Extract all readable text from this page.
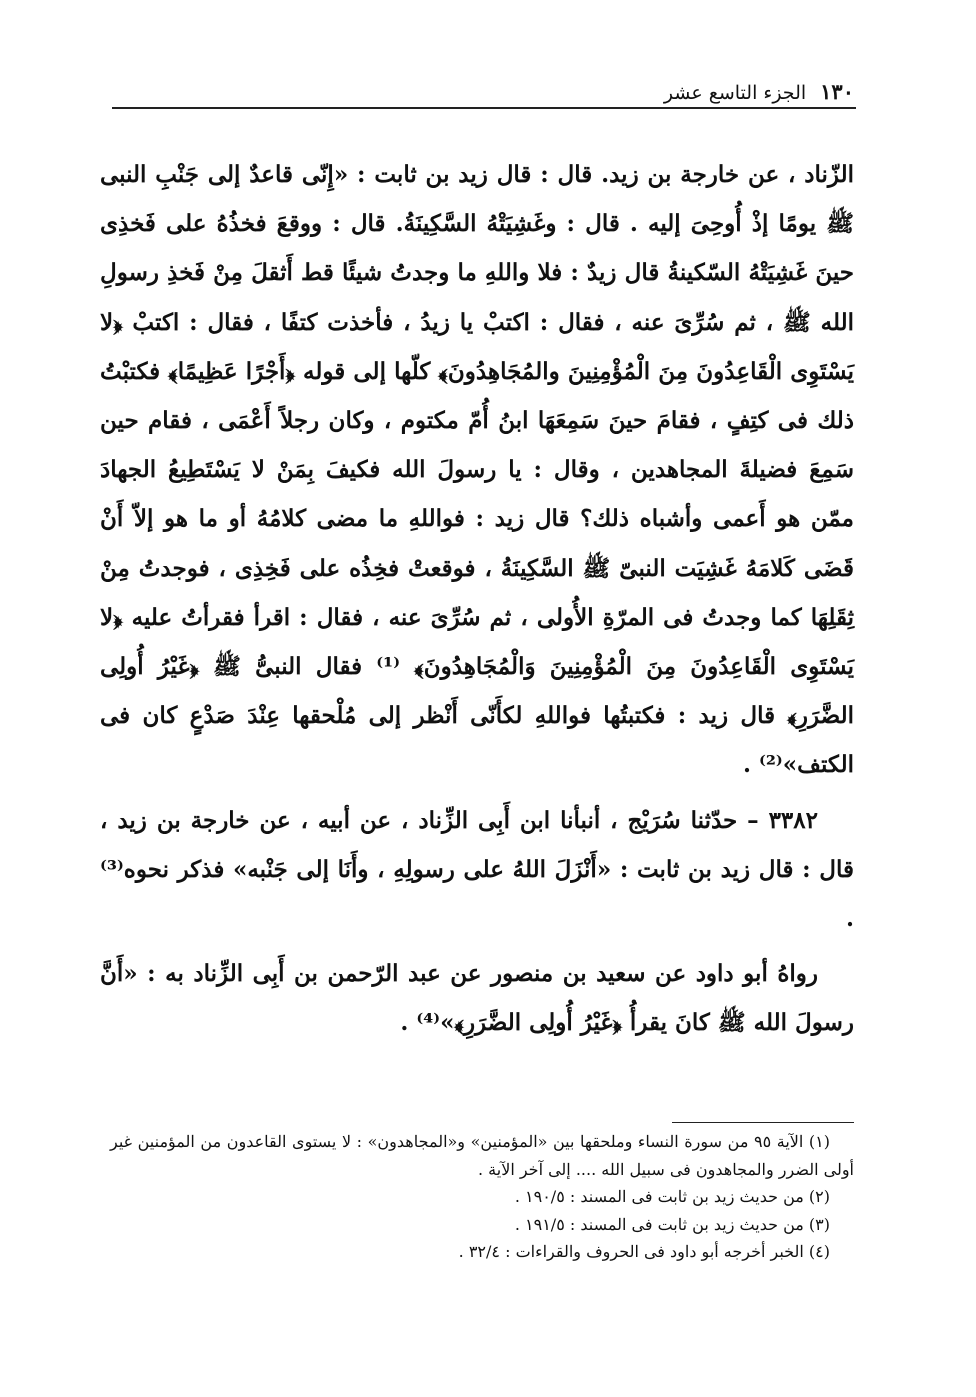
١٣٠
الجزء التاسع عشر

الزّناد ، عن خارجة بن زيد. قال : قال زيد بن ثابت : «إِنّى قاعدٌ إلى جَنْبِ النبى ﷺ يومًا إذْ أُوحِىَ إليه . قال : وغَشِيَتْهُ السَّكِينَةُ. قال : ووقعَ فخذُهُ على فَخذِى حينَ غَشِيَتْهُ السّكينةُ قال زيدٌ : فلا واللهِ ما وجدتُ شيئًا قط أَثقلَ مِنْ فَخذِ رسولِ الله ﷺ ، ثم سُرِّىَ عنه ، فقال : اكتبْ يا زيدُ ، فأخذت كتفًا ، فقال : اكتبْ ﴿لا يَسْتَوِى الْقَاعِدُونَ مِنَ الْمُؤْمِنِينَ والمُجَاهِدُونَ﴾ كلّها إلى قوله ﴿أَجْرًا عَظِيمًا﴾ فكتبْتُ ذلك فى كتِفٍ ، فقامَ حينَ سَمِعَهَا ابنُ أُمّ مكتوم ، وكان رجلاً أَعْمَى ، فقام حين سَمِعَ فضيلةَ المجاهدين ، وقال : يا رسولَ الله فكيفَ بِمَنْ لا يَسْتَطِيعُ الجهادَ ممّن هو أَعمى وأشباه ذلك؟ قال زيد : فواللهِ ما مضى كلامُهُ أو ما هو إلاّ أَنْ قَضَى كَلامَهُ غَشِيَت النبىّ ﷺ السَّكِينَةُ ، فوقعتْ فخِذُه على فَخِذِى ، فوجدتُ مِنْ ثِقَلِهَا كما وجدتُ فى المرّةِ الأُولى ، ثم سُرِّىَ عنه ، فقال : اقرأ فقرأتُ عليه ﴿لا يَسْتَوِى الْقَاعِدُونَ مِنَ الْمُؤْمِنِينَ وَالْمُجَاهِدُونَ﴾ ⁽¹⁾ فقال النبىُّ ﷺ ﴿غَيْرُ أُولِى الضَّرَرِ﴾ قال زيد : فكتبتُها فواللهِ لكأَنّى أَنْظر إلى مُلْحقها عِنْدَ صَدْعٍ كان فى الكتف»⁽²⁾ .

٣٣٨٢ – حدّثنا سُرَيْج ، أنبأنا ابن أَبِى الزِّناد ، عن أبيه ، عن خارجة بن زيد ، قال : قال زيد بن ثابت : «أَنْزَلَ اللهُ على رسولِهِ ، وأَنَا إلى جَنْبه» فذكر نحوه⁽³⁾ .

رواهُ أبو داود عن سعيد بن منصور عن عبد الرّحمن بن أَبِى الزِّناد به : «أَنَّ رسولَ الله ﷺ كانَ يقرأُ ﴿غَيْرُ أُولِى الضَّرَرِ﴾»⁽⁴⁾ .

(١) الآية ٩٥ من سورة النساء وملحقها بين «المؤمنين» و«المجاهدون» : لا يستوى القاعدون من المؤمنين غير أولى الضرر والمجاهدون فى سبيل الله .... إلى آخر الآية .

(٢) من حديث زيد بن ثابت فى المسند : ١٩٠/٥ .

(٣) من حديث زيد بن ثابت فى المسند : ١٩١/٥ .

(٤) الخبر أخرجه أبو داود فى الحروف والقراءات : ٣٢/٤ .
